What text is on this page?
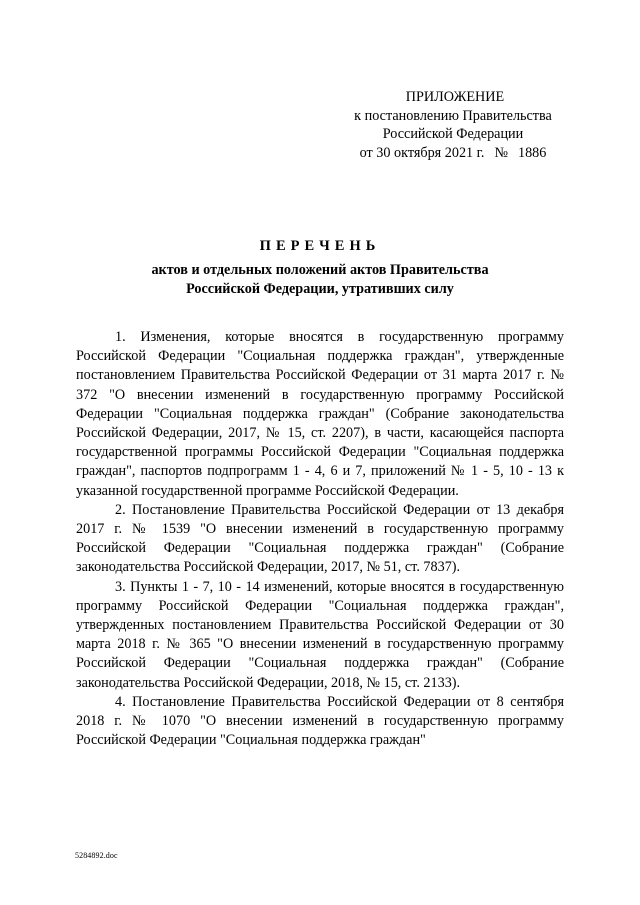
ПРИЛОЖЕНИЕ
к постановлению Правительства
Российской Федерации
от 30 октября 2021 г. № 1886
ПЕРЕЧЕНЬ
актов и отдельных положений актов Правительства
Российской Федерации, утративших силу

1. Изменения, которые вносятся в государственную программу Российской Федерации "Социальная поддержка граждан", утвержденные постановлением Правительства Российской Федерации от 31 марта 2017 г. № 372 "О внесении изменений в государственную программу Российской Федерации "Социальная поддержка граждан" (Собрание законодательства Российской Федерации, 2017, № 15, ст. 2207), в части, касающейся паспорта государственной программы Российской Федерации "Социальная поддержка граждан", паспортов подпрограмм 1 - 4, 6 и 7, приложений № 1 - 5, 10 - 13 к указанной государственной программе Российской Федерации.

2. Постановление Правительства Российской Федерации от 13 декабря 2017 г. № 1539 "О внесении изменений в государственную программу Российской Федерации "Социальная поддержка граждан" (Собрание законодательства Российской Федерации, 2017, № 51, ст. 7837).

3. Пункты 1 - 7, 10 - 14 изменений, которые вносятся в государственную программу Российской Федерации "Социальная поддержка граждан", утвержденных постановлением Правительства Российской Федерации от 30 марта 2018 г. № 365 "О внесении изменений в государственную программу Российской Федерации "Социальная поддержка граждан" (Собрание законодательства Российской Федерации, 2018, № 15, ст. 2133).

4. Постановление Правительства Российской Федерации от 8 сентября 2018 г. № 1070 "О внесении изменений в государственную программу Российской Федерации "Социальная поддержка граждан"

5284892.doc
